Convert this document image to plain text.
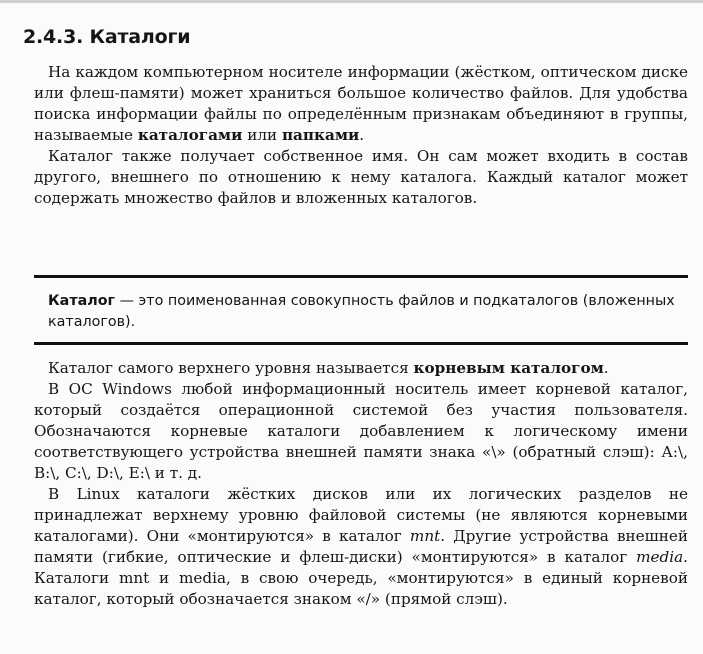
2.4.3. Каталоги

На каждом компьютерном носителе информации (жёстком, оптическом диске или флеш-памяти) может храниться большое количество файлов. Для удобства поиска информации файлы по определённым признакам объединяют в группы, называемые каталогами или папками.

Каталог также получает собственное имя. Он сам может входить в состав другого, внешнего по отношению к нему каталога. Каждый каталог может содержать множество файлов и вложенных каталогов.

Каталог — это поименованная совокупность файлов и подкаталогов (вложенных каталогов).

Каталог самого верхнего уровня называется корневым каталогом.

В ОС Windows любой информационный носитель имеет корневой каталог, который создаётся операционной системой без участия пользователя. Обозначаются корневые каталоги добавлением к логическому имени соответствующего устройства внешней памяти знака «\» (обратный слэш): А:\, В:\, С:\, D:\, Е:\ и т. д.

В Linux каталоги жёстких дисков или их логических разделов не принадлежат верхнему уровню файловой системы (не являются корневыми каталогами). Они «монтируются» в каталог mnt. Другие устройства внешней памяти (гибкие, оптические и флеш-диски) «монтируются» в каталог media. Каталоги mnt и media, в свою очередь, «монтируются» в единый корневой каталог, который обозначается знаком «/» (прямой слэш).
